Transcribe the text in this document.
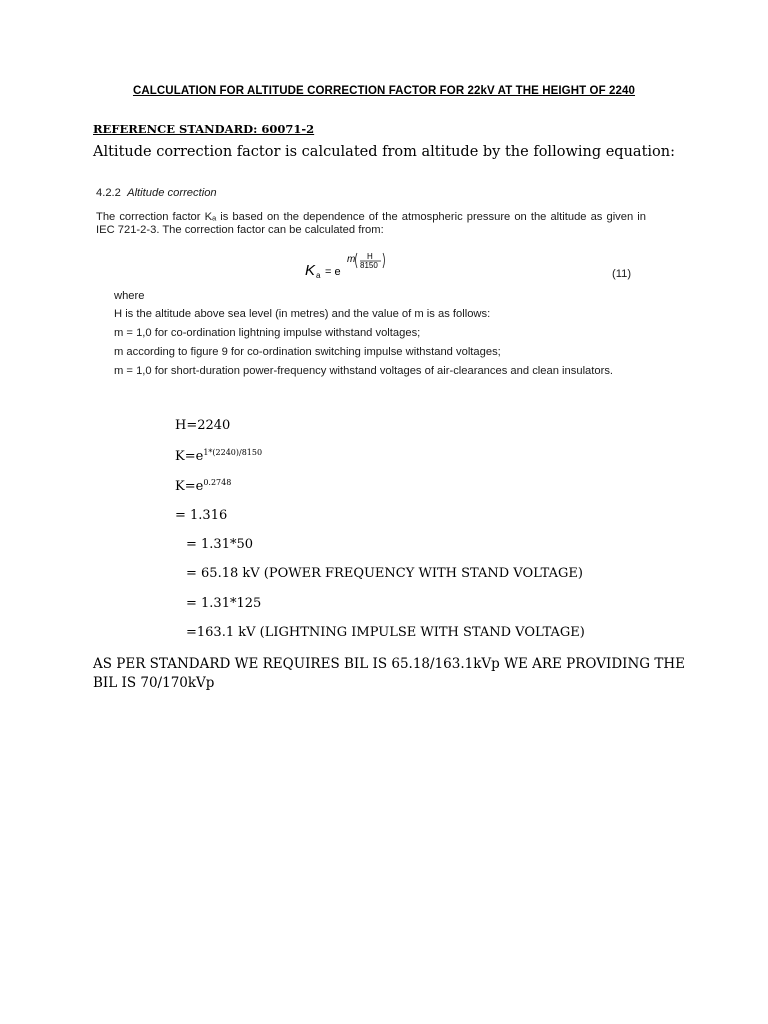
CALCULATION FOR ALTITUDE CORRECTION FACTOR FOR 22kV AT THE HEIGHT OF 2240
REFERENCE STANDARD: 60071-2
Altitude correction factor is calculated from altitude by the following equation:
4.2.2 Altitude correction
The correction factor Kₐ is based on the dependence of the atmospheric pressure on the altitude as given in IEC 721-2-3. The correction factor can be calculated from:
K a = e
m H
8150
(11)
where
H is the altitude above sea level (in metres) and the value of m is as follows:
m = 1,0 for co-ordination lightning impulse withstand voltages;
m according to figure 9 for co-ordination switching impulse withstand voltages;
m = 1,0 for short-duration power-frequency withstand voltages of air-clearances and clean insulators.
H=2240
$K=e^{1*(2240)/8150}$
$K=e^{0.2748}$
= 1.316
= 1.31*50
= 65.18 kV (POWER FREQUENCY WITH STAND VOLTAGE)
= 1.31*125
=163.1 kV (LIGHTNING IMPULSE WITH STAND VOLTAGE)
AS PER STANDARD WE REQUIRES BIL IS 65.18/163.1kVp WE ARE PROVIDING THE BIL IS 70/170kVp
